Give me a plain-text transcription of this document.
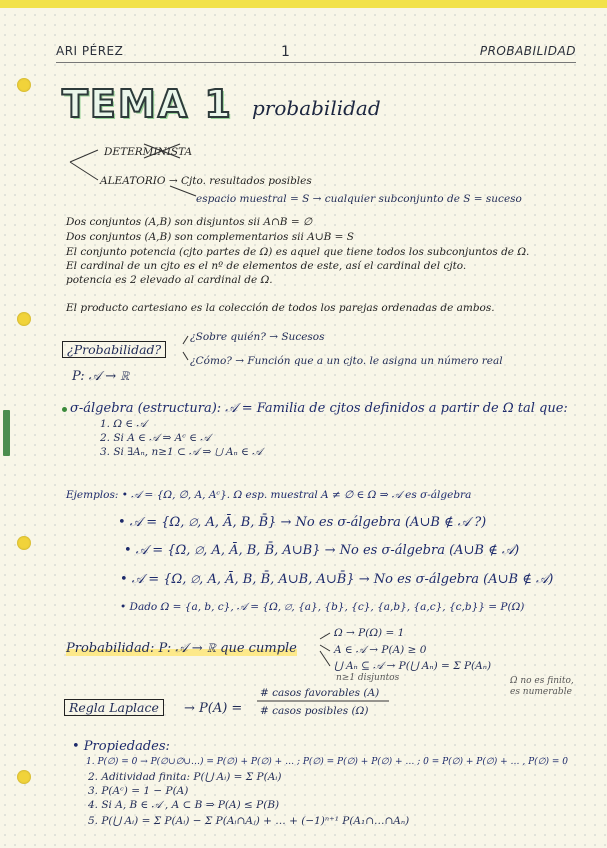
ARI PÉREZ	1	PROBABILIDAD
TEMA 1 probabilidad
DETERMINISTA
ALEATORIO → Cjto. resultados posibles
espacio muestral = S → cualquier subconjunto de S = suceso
Dos conjuntos (A,B) son disjuntos sii A∩B = ∅
Dos conjuntos (A,B) son complementarios sii A∪B = S
El conjunto potencia (cjto partes de Ω) es aquel que tiene todos los subconjuntos de Ω.
El cardinal de un cjto es el nº de elementos de este, así el cardinal del cjto.
potencia es 2 elevado al cardinal de Ω.
El producto cartesiano es la colección de todos los parejas ordenadas de ambos.
¿Probabilidad?
¿Sobre quién? → Sucesos
¿Cómo? → Función que a un cjto. le asigna un número real
P: 𝒜 → ℝ
σ-álgebra (estructura): 𝒜 = Familia de cjtos definidos a partir de Ω tal que:
1. Ω ∈ 𝒜
2. Si A ∈ 𝒜 ⇒ Aᶜ ∈ 𝒜
3. Si ∃Aₙ, n≥1 ⊂ 𝒜 ⇒ ⋃ Aₙ ∈ 𝒜
Ejemplos: • 𝒜 = {Ω, ∅, A, Aᶜ}. Ω esp. muestral A ≠ ∅ ∈ Ω ⇒ 𝒜 es σ-álgebra
• 𝒜 = {Ω, ∅, A, Ā, B, B̄} → No es σ-álgebra (A∪B ∉ 𝒜 ?)
• 𝒜 = {Ω, ∅, A, Ā, B, B̄, A∪B} → No es σ-álgebra (A∪B ∉ 𝒜)
• 𝒜 = {Ω, ∅, A, Ā, B, B̄, A∪B, A∪B̄} → No es σ-álgebra (A∪B ∉ 𝒜)
• Dado Ω = {a, b, c}, 𝒜 = {Ω, ∅, {a}, {b}, {c}, {a,b}, {a,c}, {c,b}} = P(Ω)
Probabilidad: P: 𝒜 → ℝ que cumple
Ω → P(Ω) = 1
A ∈ 𝒜 → P(A) ≥ 0
⋃ Aₙ ⊆ 𝒜 → P(⋃ Aₙ) = Σ P(Aₙ)
n≥1 disjuntos	Ω no es finito,
es numerable
Regla Laplace	→ P(A) =
# casos favorables (A)
# casos posibles (Ω)
• Propiedades:
1. P(∅) = 0 → P(∅∪∅∪…) = P(∅) + P(∅) + … ; P(∅) = P(∅) + P(∅) + … ; 0 = P(∅) + P(∅) + … , P(∅) = 0
2. Aditividad finita: P(⋃ Aᵢ) = Σ P(Aᵢ)
3. P(Aᶜ) = 1 − P(A)
4. Si A, B ∈ 𝒜 , A ⊂ B ⇒ P(A) ≤ P(B)
5. P(⋃ Aᵢ) = Σ P(Aᵢ) − Σ P(Aᵢ∩Aⱼ) + … + (−1)ⁿ⁺¹ P(A₁∩…∩Aₙ)
